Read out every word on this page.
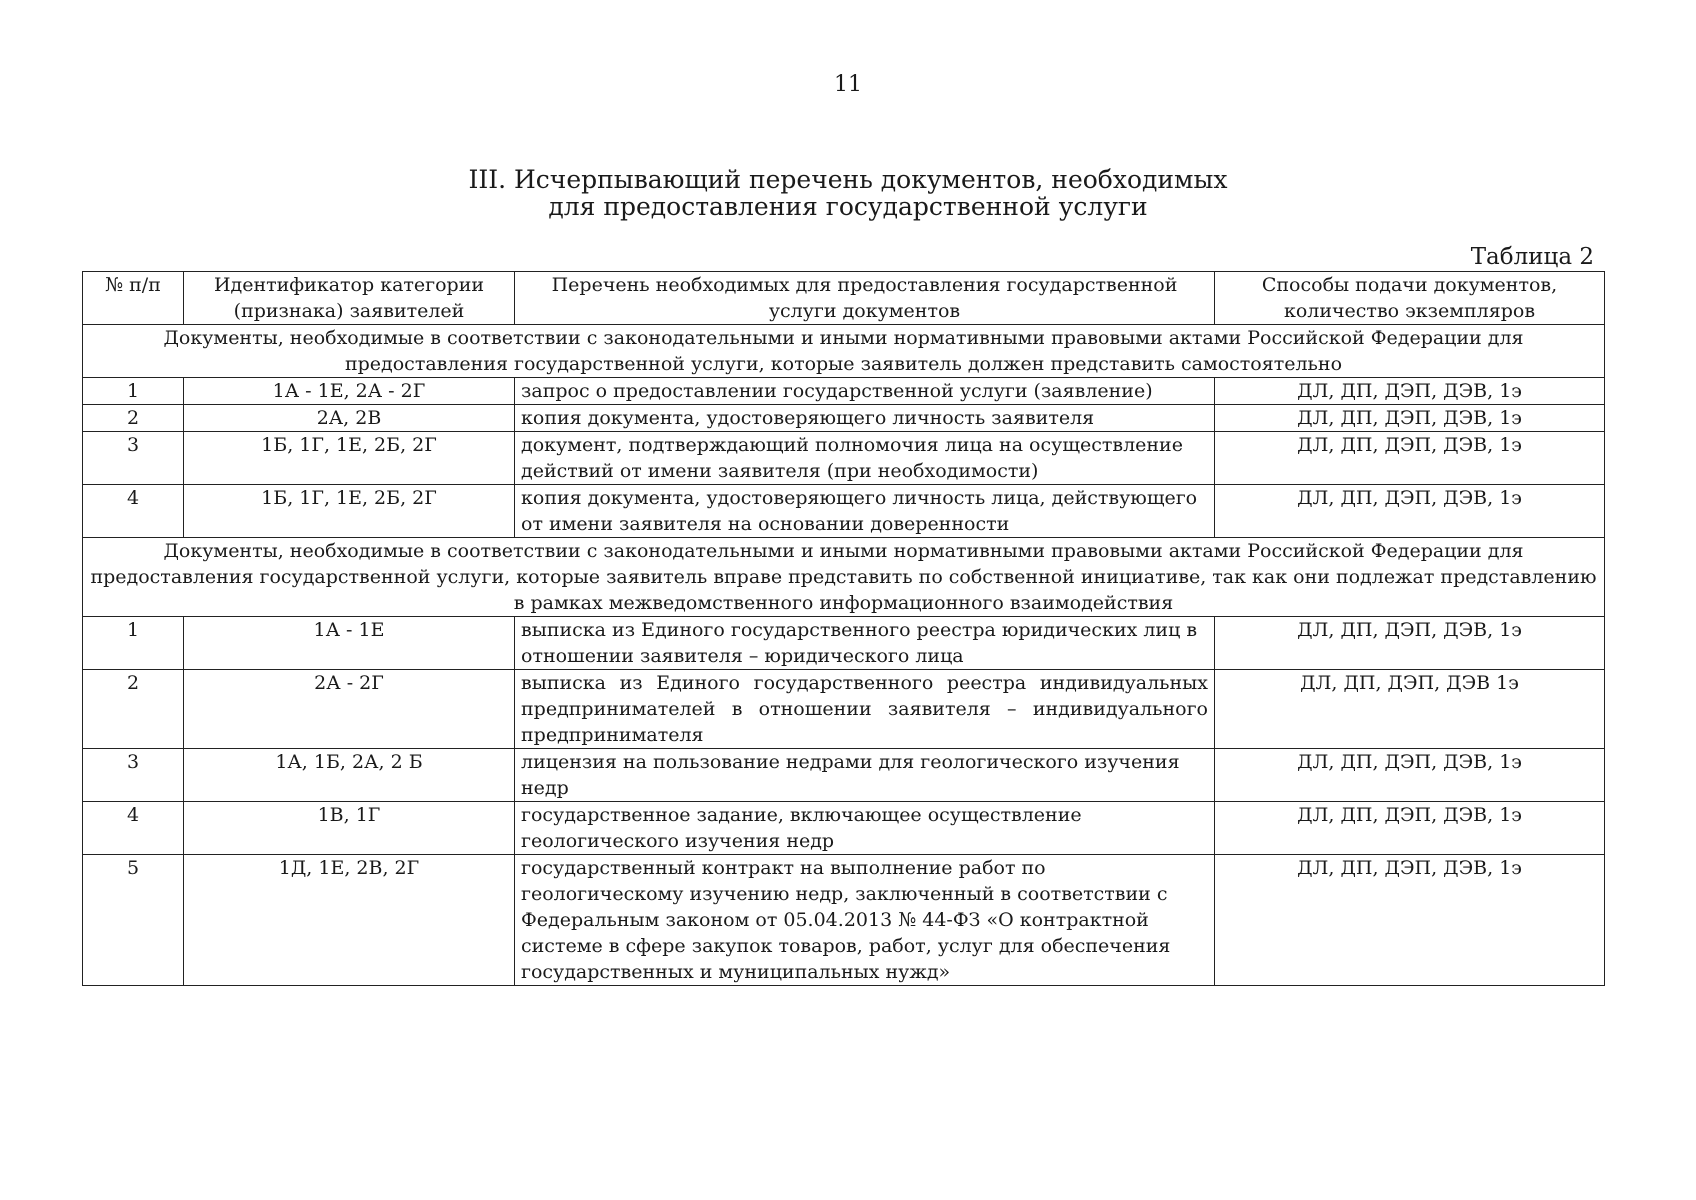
11
III. Исчерпывающий перечень документов, необходимых
для предоставления государственной услуги
Таблица 2
№ п/п	Идентификатор категории (признака) заявителей	Перечень необходимых для предоставления государственной услуги документов	Способы подачи документов, количество экземпляров
Документы, необходимые в соответствии с законодательными и иными нормативными правовыми актами Российской Федерации для предоставления государственной услуги, которые заявитель должен представить самостоятельно			
1	1А - 1Е, 2А - 2Г	запрос о предоставлении государственной услуги (заявление)	ДЛ, ДП, ДЭП, ДЭВ, 1э
2	2А, 2В	копия документа, удостоверяющего личность заявителя	ДЛ, ДП, ДЭП, ДЭВ, 1э
3	1Б, 1Г, 1Е, 2Б, 2Г	документ, подтверждающий полномочия лица на осуществление действий от имени заявителя (при необходимости)	ДЛ, ДП, ДЭП, ДЭВ, 1э
4	1Б, 1Г, 1Е, 2Б, 2Г	копия документа, удостоверяющего личность лица, действующего от имени заявителя на основании доверенности	ДЛ, ДП, ДЭП, ДЭВ, 1э
Документы, необходимые в соответствии с законодательными и иными нормативными правовыми актами Российской Федерации для предоставления государственной услуги, которые заявитель вправе представить по собственной инициативе, так как они подлежат представлению в рамках межведомственного информационного взаимодействия			
1	1А - 1Е	выписка из Единого государственного реестра юридических лиц в отношении заявителя – юридического лица	ДЛ, ДП, ДЭП, ДЭВ, 1э
2	2А - 2Г	выписка из Единого государственного реестра индивидуальных предпринимателей в отношении заявителя – индивидуального предпринимателя	ДЛ, ДП, ДЭП, ДЭВ 1э
3	1А, 1Б, 2А, 2 Б	лицензия на пользование недрами для геологического изучения недр	ДЛ, ДП, ДЭП, ДЭВ, 1э
4	1В, 1Г	государственное задание, включающее осуществление геологического изучения недр	ДЛ, ДП, ДЭП, ДЭВ, 1э
5	1Д, 1Е, 2В, 2Г	государственный контракт на выполнение работ по геологическому изучению недр, заключенный в соответствии с Федеральным законом от 05.04.2013 № 44-ФЗ «О контрактной системе в сфере закупок товаров, работ, услуг для обеспечения государственных и муниципальных нужд»	ДЛ, ДП, ДЭП, ДЭВ, 1э
